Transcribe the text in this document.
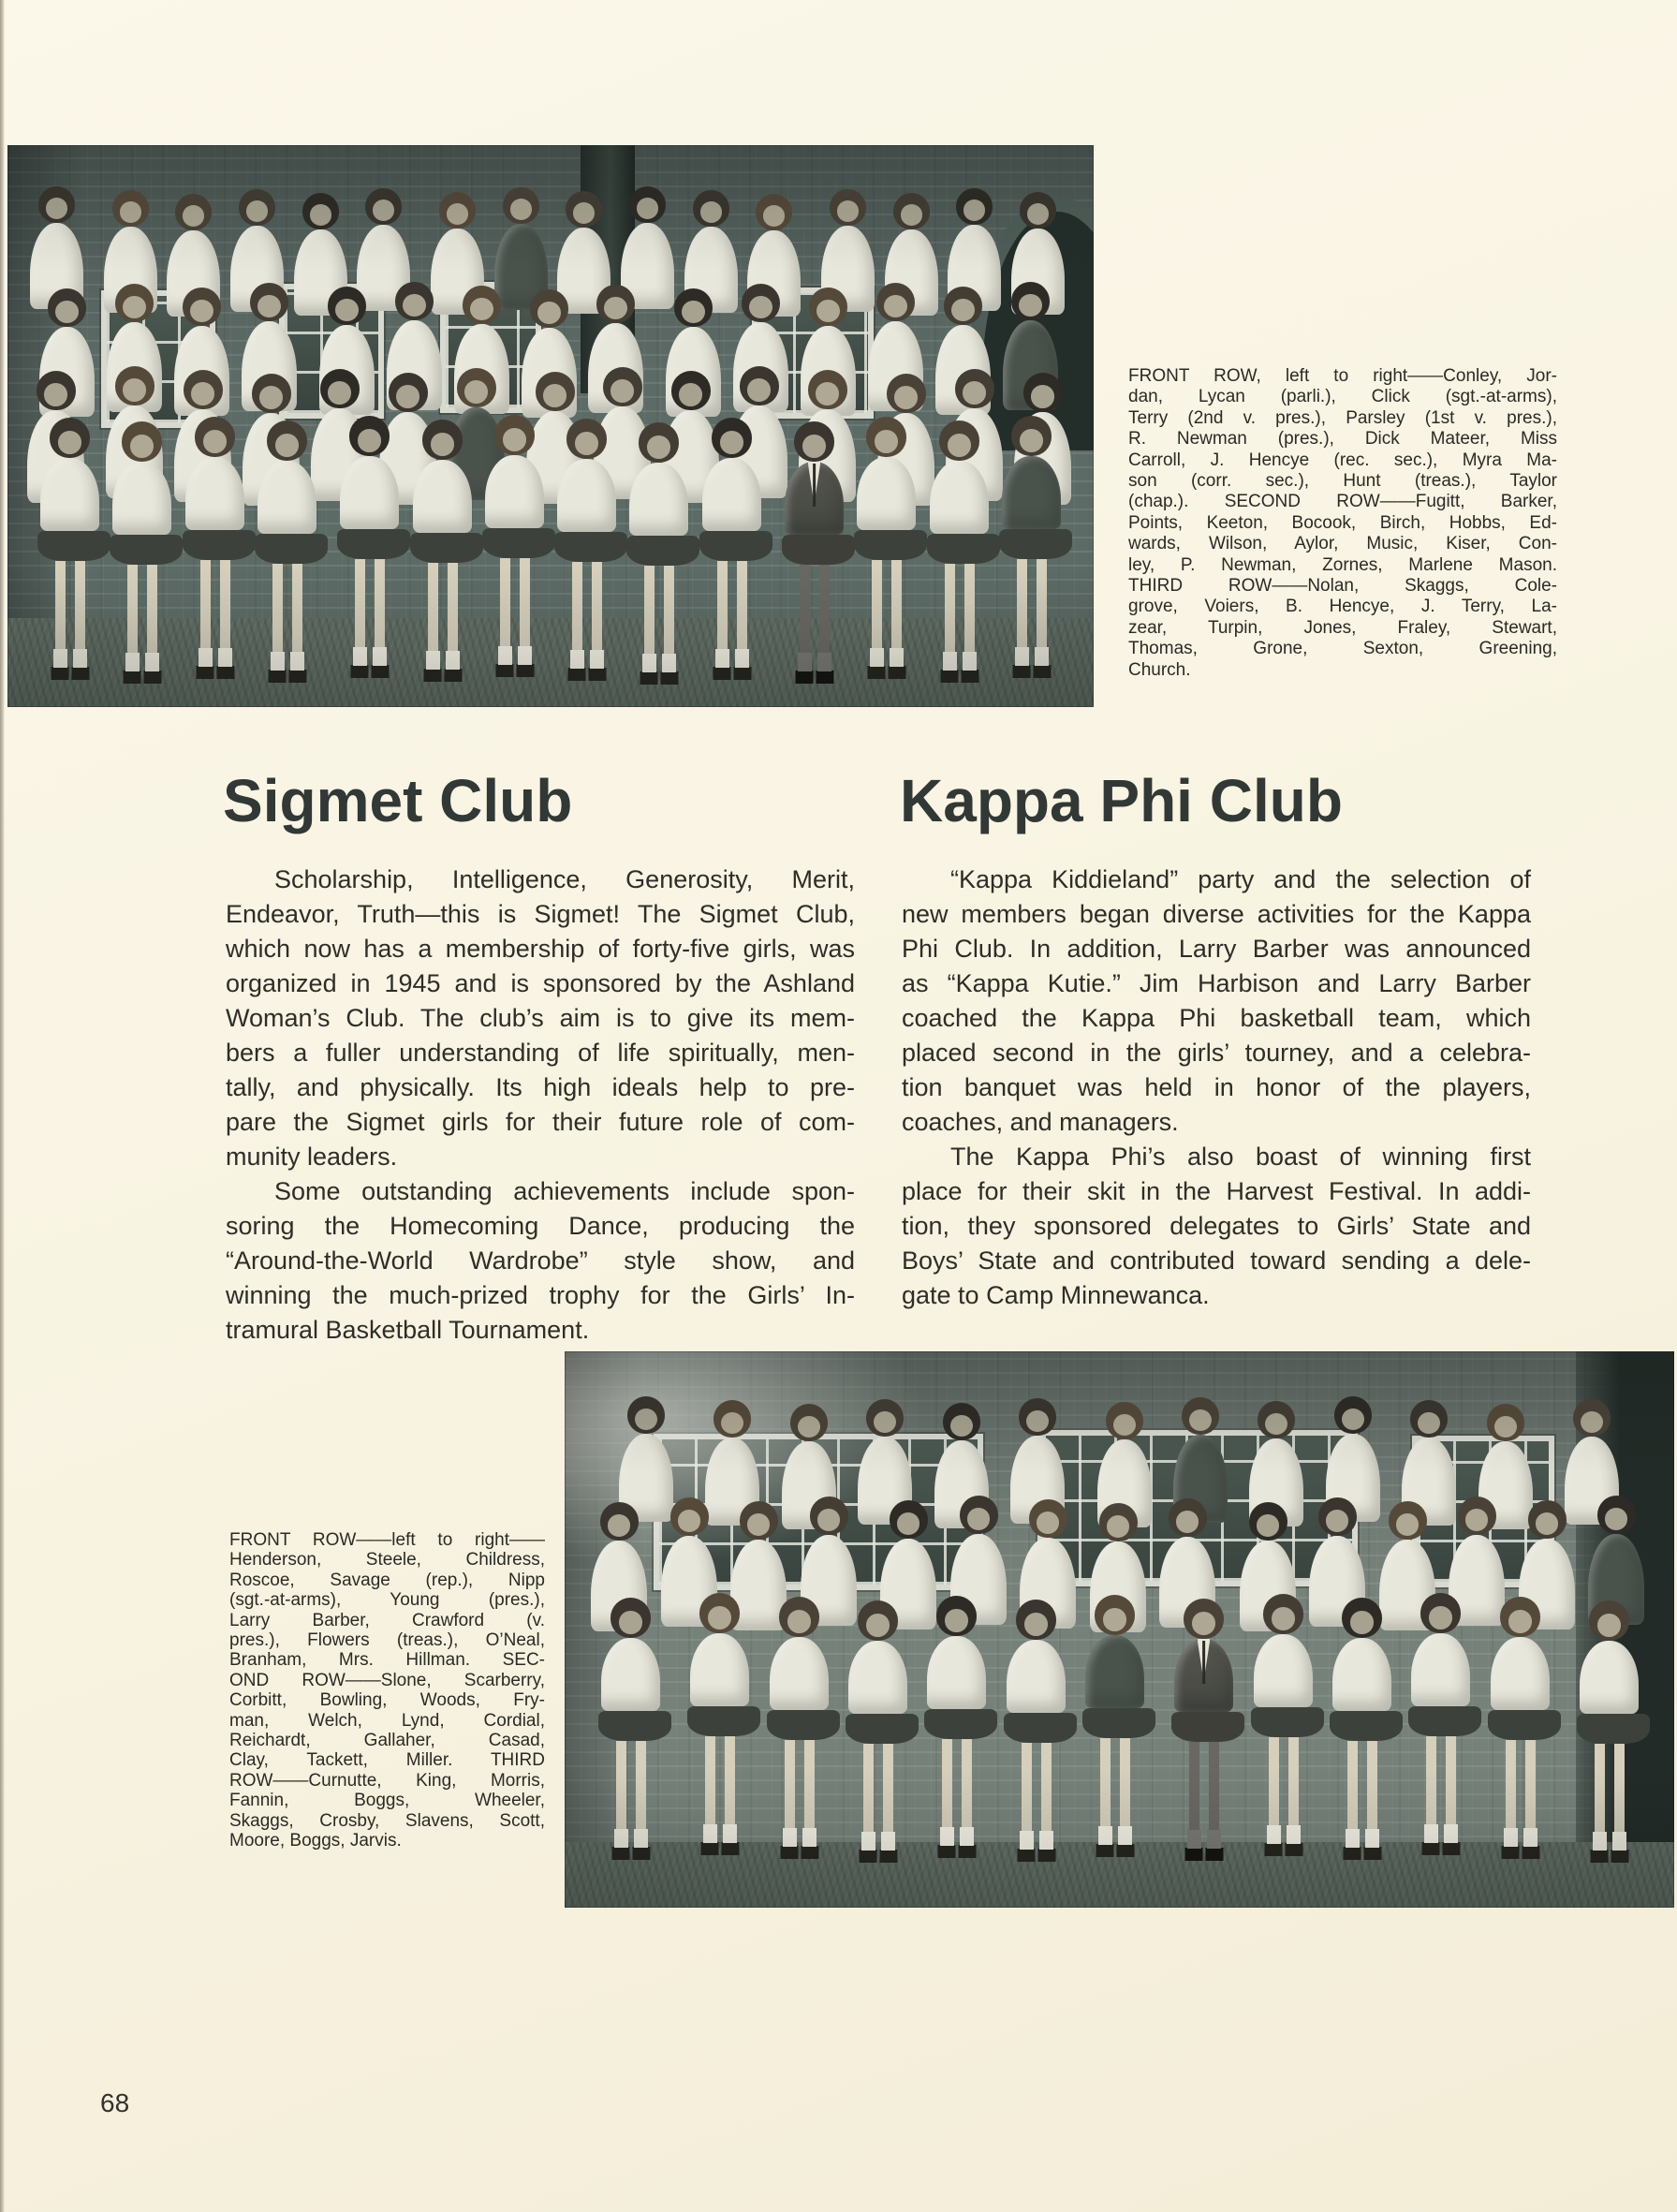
FRONT ROW, left to right——Conley, Jor-
dan, Lycan (parli.), Click (sgt.-at-arms),
Terry (2nd v. pres.), Parsley (1st v. pres.),
R. Newman (pres.), Dick Mateer, Miss
Carroll, J. Hencye (rec. sec.), Myra Ma-
son (corr. sec.), Hunt (treas.), Taylor
(chap.). SECOND ROW——Fugitt, Barker,
Points, Keeton, Bocook, Birch, Hobbs, Ed-
wards, Wilson, Aylor, Music, Kiser, Con-
ley, P. Newman, Zornes, Marlene Mason.
THIRD ROW——Nolan, Skaggs, Cole-
grove, Voiers, B. Hencye, J. Terry, La-
zear, Turpin, Jones, Fraley, Stewart,
Thomas, Grone, Sexton, Greening,
Church.
Sigmet Club	Kappa Phi Club
Scholarship, Intelligence, Generosity, Merit,
Endeavor, Truth—this is Sigmet! The Sigmet Club,
which now has a membership of forty-five girls, was
organized in 1945 and is sponsored by the Ashland
Woman’s Club. The club’s aim is to give its mem-
bers a fuller understanding of life spiritually, men-
tally, and physically. Its high ideals help to pre-
pare the Sigmet girls for their future role of com-
munity leaders.
Some outstanding achievements include spon-
soring the Homecoming Dance, producing the
“Around-the-World Wardrobe” style show, and
winning the much-prized trophy for the Girls’ In-
tramural Basketball Tournament.
“Kappa Kiddieland” party and the selection of
new members began diverse activities for the Kappa
Phi Club. In addition, Larry Barber was announced
as “Kappa Kutie.” Jim Harbison and Larry Barber
coached the Kappa Phi basketball team, which
placed second in the girls’ tourney, and a celebra-
tion banquet was held in honor of the players,
coaches, and managers.
The Kappa Phi’s also boast of winning first
place for their skit in the Harvest Festival. In addi-
tion, they sponsored delegates to Girls’ State and
Boys’ State and contributed toward sending a dele-
gate to Camp Minnewanca.
FRONT ROW——left to right——
Henderson, Steele, Childress,
Roscoe, Savage (rep.), Nipp
(sgt.-at-arms), Young (pres.),
Larry Barber, Crawford (v.
pres.), Flowers (treas.), O’Neal,
Branham, Mrs. Hillman. SEC-
OND ROW——Slone, Scarberry,
Corbitt, Bowling, Woods, Fry-
man, Welch, Lynd, Cordial,
Reichardt, Gallaher, Casad,
Clay, Tackett, Miller. THIRD
ROW——Curnutte, King, Morris,
Fannin, Boggs, Wheeler,
Skaggs, Crosby, Slavens, Scott,
Moore, Boggs, Jarvis.
68
